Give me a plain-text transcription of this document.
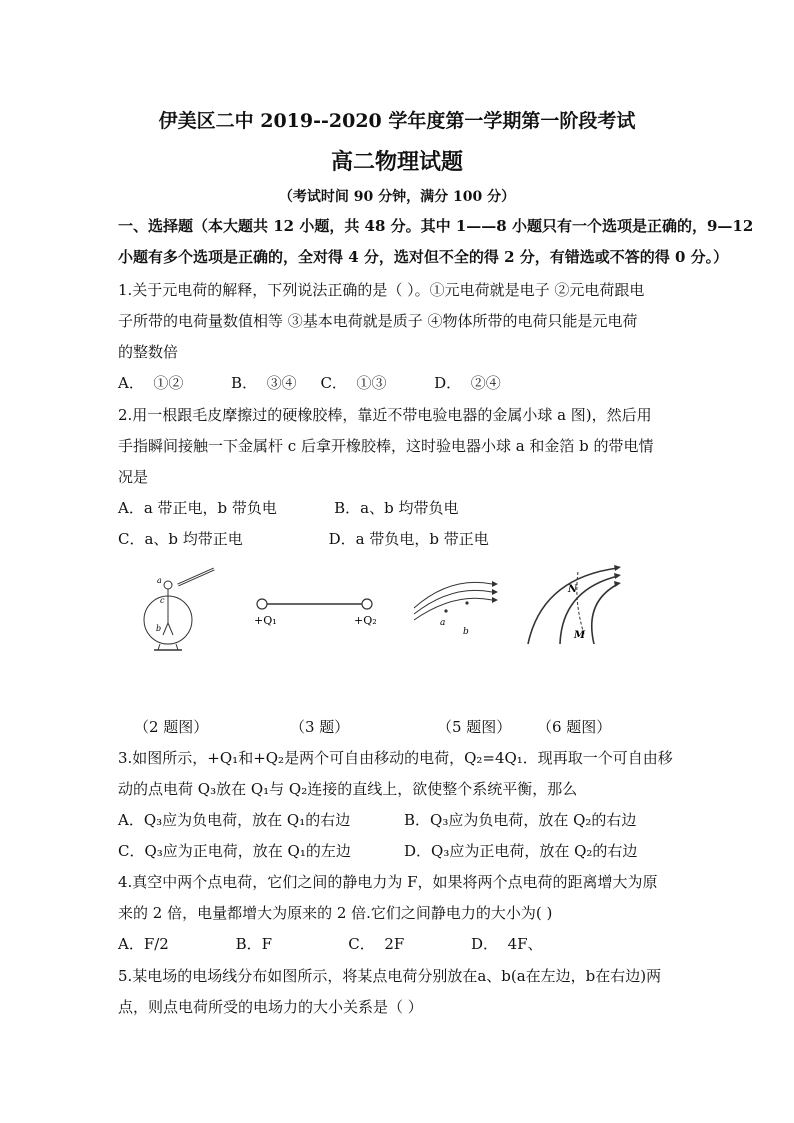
伊美区二中 2019--2020 学年度第一学期第一阶段考试
高二物理试题
（考试时间 90 分钟，满分 100 分）
一、选择题（本大题共 12 小题，共 48 分。其中 1——8 小题只有一个选项是正确的，9—12
小题有多个选项是正确的，全对得 4 分，选对但不全的得 2 分，有错选或不答的得 0 分。）
1.关于元电荷的解释，下列说法正确的是（ ）。①元电荷就是电子 ②元电荷跟电
子所带的电荷量数值相等 ③基本电荷就是质子 ④物体所带的电荷只能是元电荷
的整数倍
A．  ①②          B．  ③④     C．  ①③          D．  ②④
2.用一根跟毛皮摩擦过的硬橡胶棒，靠近不带电验电器的金属小球 a 图)，然后用
手指瞬间接触一下金属杆 c 后拿开橡胶棒，这时验电器小球 a 和金箔 b 的带电情
况是
A．a 带正电，b 带负电            B．a、b 均带负电
C．a、b 均带正电                  D．a 带负电，b 带正电
a
c
b
+Q₁	+Q₂	a
b
N
M
（2 题图）	（3 题）	（5 题图） （6 题图）
3.如图所示，+Q₁和+Q₂是两个可自由移动的电荷，Q₂=4Q₁．现再取一个可自由移
动的点电荷 Q₃放在 Q₁与 Q₂连接的直线上，欲使整个系统平衡，那么
A．Q₃应为负电荷，放在 Q₁的右边	B．Q₃应为负电荷，放在 Q₂的右边
C．Q₃应为正电荷，放在 Q₁的左边	D．Q₃应为正电荷，放在 Q₂的右边
4.真空中两个点电荷，它们之间的静电力为 F，如果将两个点电荷的距离增大为原
来的 2 倍，电量都增大为原来的 2 倍.它们之间静电力的大小为( )
A．F/2              B．F                C．  2F              D．  4F、
5.某电场的电场线分布如图所示，将某点电荷分别放在a、b(a在左边，b在右边)两
点，则点电荷所受的电场力的大小关系是（ ）
